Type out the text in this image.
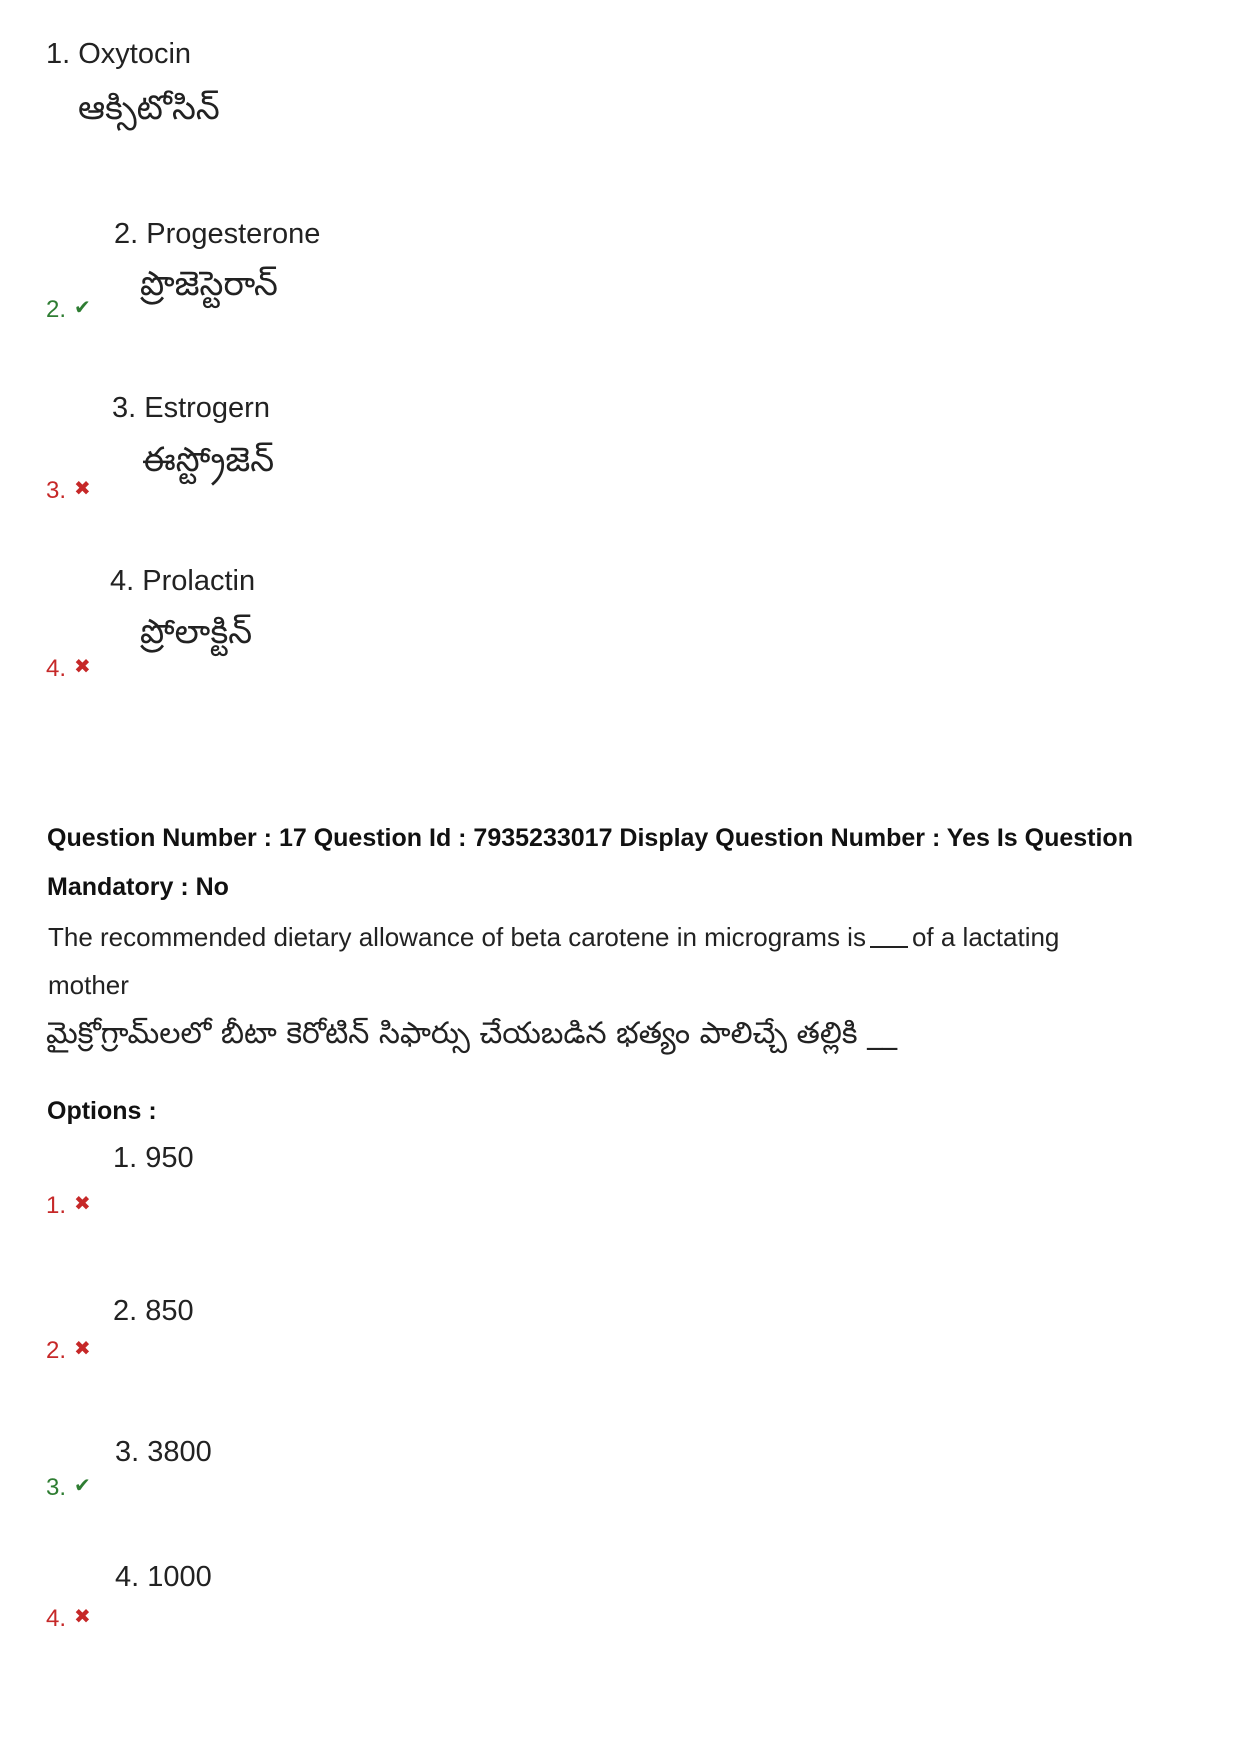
1. Oxytocin
ఆక్సిటోసిన్
2. Progesterone
ప్రొజెస్టెరాన్
2. ✔
3. Estrogern
ఈస్ట్రోజెన్
3. ✖
4. Prolactin
ప్రోలాక్టిన్
4. ✖
Question Number : 17 Question Id : 7935233017 Display Question Number : Yes Is Question
Mandatory : No
The recommended dietary allowance of beta carotene in micrograms is of a lactating
mother
మైక్రోగ్రామ్‌లలో బీటా కెరోటిన్ సిఫార్సు చేయబడిన భత్యం పాలిచ్చే తల్లికి __
Options :
1. 950
1. ✖
2. 850
2. ✖
3. 3800
3. ✔
4. 1000
4. ✖
